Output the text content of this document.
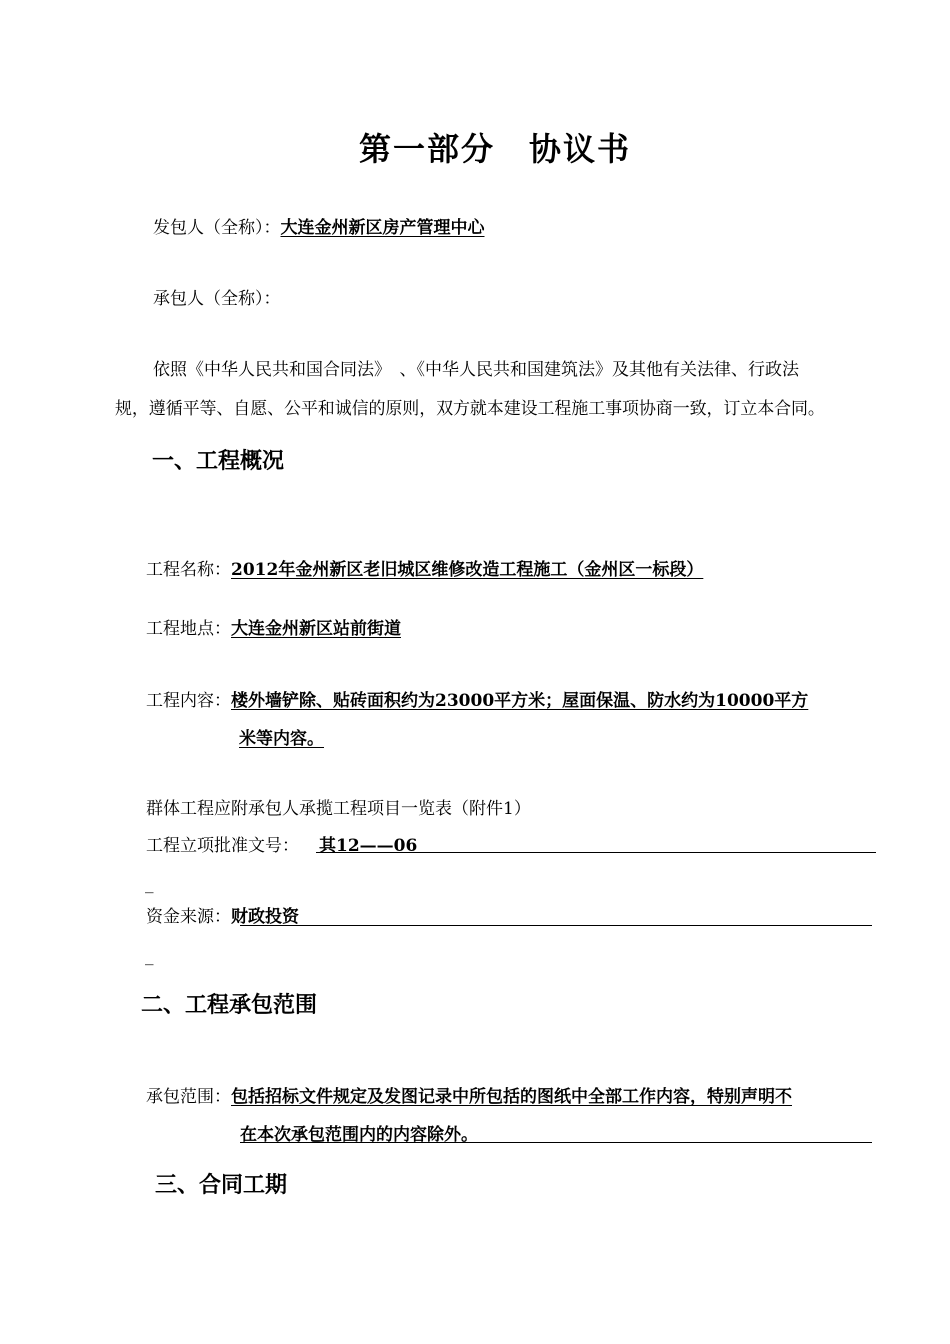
第一部分　协议书
发包人（全称）：大连金州新区房产管理中心
承包人（全称）：
依照《中华人民共和国合同法》　、《中华人民共和国建筑法》及其他有关法律、行政法
规，遵循平等、自愿、公平和诚信的原则，双方就本建设工程施工事项协商一致，订立本合同。
一、工程概况
工程名称：2012年金州新区老旧城区维修改造工程施工（金州区一标段）
工程地点：大连金州新区站前街道
工程内容：楼外墙铲除、贴砖面积约为23000平方米；屋面保温、防水约为10000平方
米等内容。
群体工程应附承包人承揽工程项目一览表（附件1）
工程立项批准文号： 其12——06
_
资金来源：财政投资
_
二、工程承包范围
承包范围：包括招标文件规定及发图记录中所包括的图纸中全部工作内容，特别声明不
在本次承包范围内的内容除外。
三、合同工期
